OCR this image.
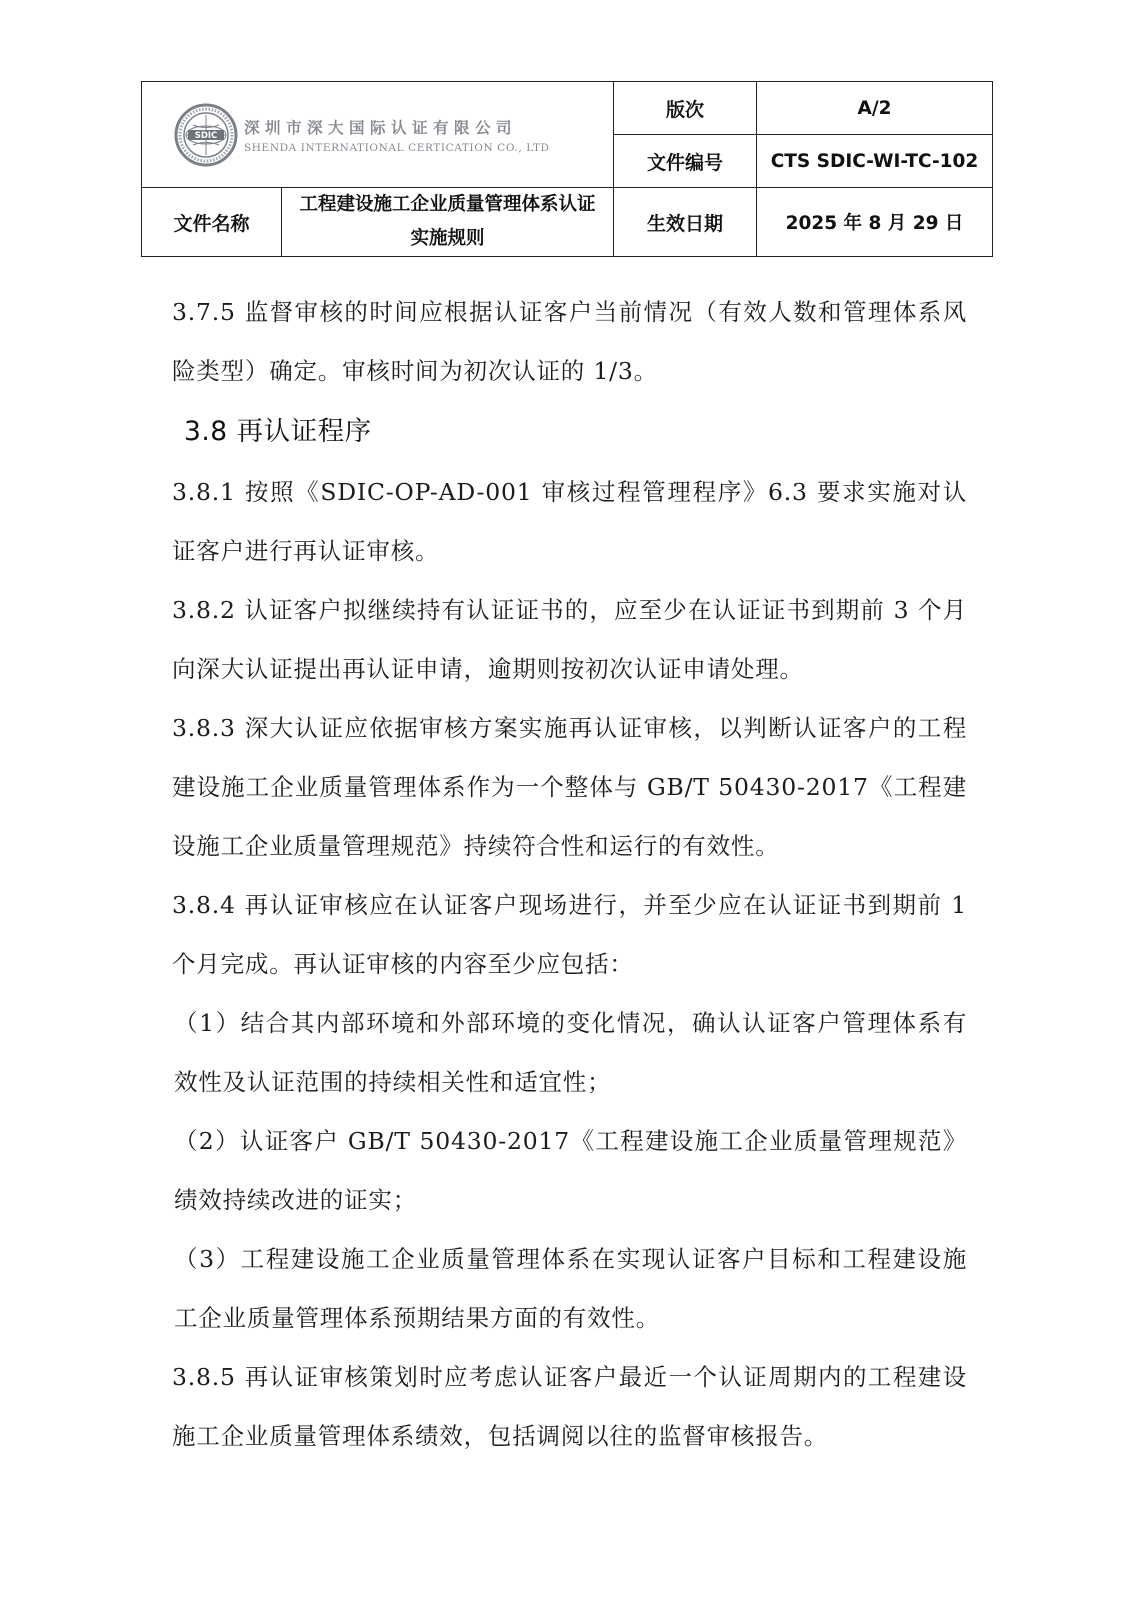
SDIC 深圳市深大国际认证有限公司
SHENDA INTERNATIONAL CERTICATION CO., LTD		版次	A/2
		文件编号	CTS SDIC-WI-TC-102
文件名称	工程建设施工企业质量管理体系认证实施规则	生效日期	2025 年 8 月 29 日

3.7.5 监督审核的时间应根据认证客户当前情况（有效人数和管理体系风险类型）确定。审核时间为初次认证的 1/3。

3.8 再认证程序

3.8.1 按照《SDIC-OP-AD-001 审核过程管理程序》6.3 要求实施对认证客户进行再认证审核。

3.8.2 认证客户拟继续持有认证证书的，应至少在认证证书到期前 3 个月向深大认证提出再认证申请，逾期则按初次认证申请处理。

3.8.3 深大认证应依据审核方案实施再认证审核，以判断认证客户的工程建设施工企业质量管理体系作为一个整体与 GB/T 50430-2017《工程建设施工企业质量管理规范》持续符合性和运行的有效性。

3.8.4 再认证审核应在认证客户现场进行，并至少应在认证证书到期前 1 个月完成。再认证审核的内容至少应包括：

（1）结合其内部环境和外部环境的变化情况，确认认证客户管理体系有效性及认证范围的持续相关性和适宜性；

（2）认证客户 GB/T 50430-2017《工程建设施工企业质量管理规范》绩效持续改进的证实；

（3）工程建设施工企业质量管理体系在实现认证客户目标和工程建设施工企业质量管理体系预期结果方面的有效性。

3.8.5 再认证审核策划时应考虑认证客户最近一个认证周期内的工程建设施工企业质量管理体系绩效，包括调阅以往的监督审核报告。
